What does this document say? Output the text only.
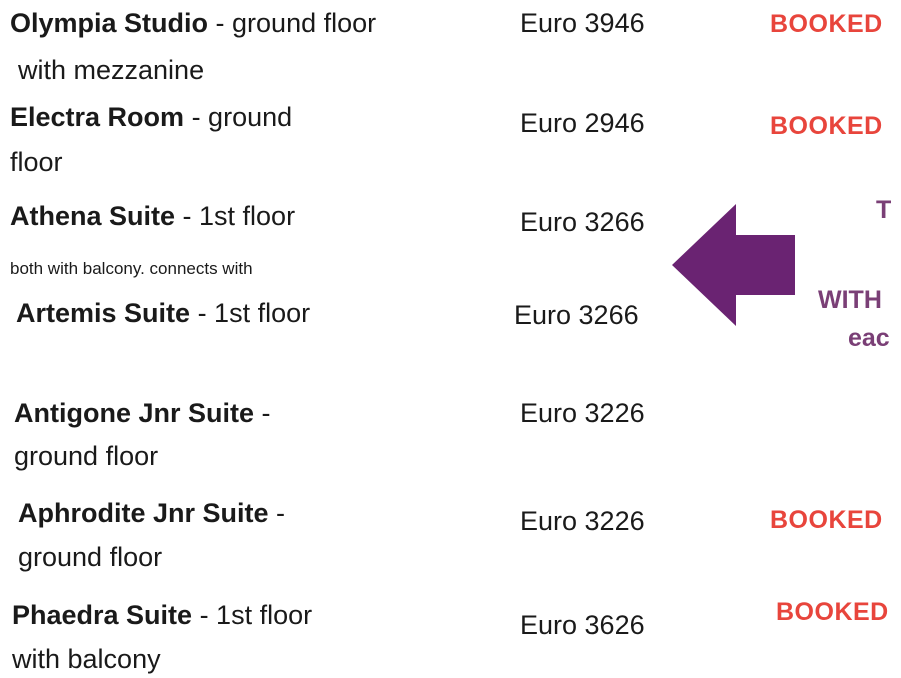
Olympia Studio - ground floor
with mezzanine
Euro 3946	BOOKED
Electra Room - ground
floor
Euro 2946	BOOKED
Athena Suite - 1st floor	Euro 3266
both with balcony. connects with
Artemis Suite - 1st floor	Euro 3266
T
WITH
eac
Antigone Jnr Suite -
ground floor
Euro 3226
Aphrodite Jnr Suite -
ground floor
Euro 3226	BOOKED
Phaedra Suite - 1st floor
with balcony
Euro 3626	BOOKED
